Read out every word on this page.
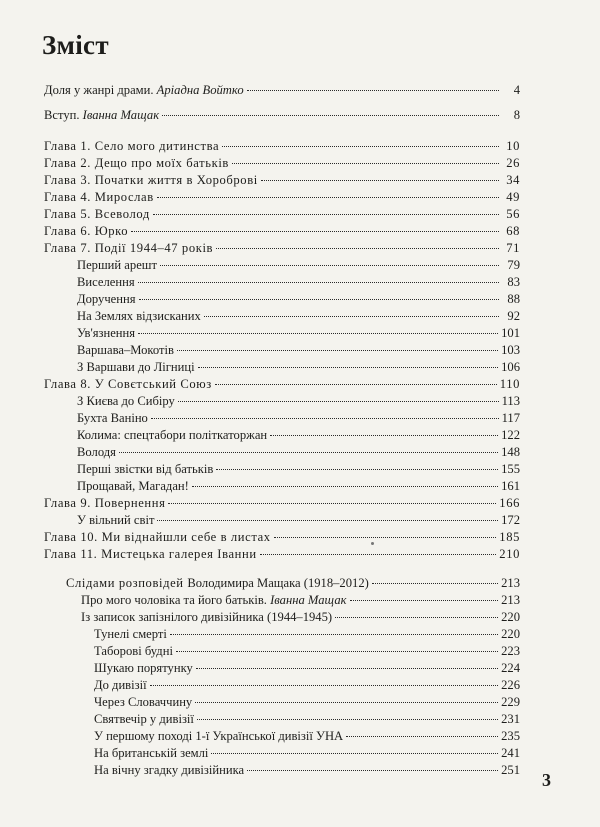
Зміст
Доля у жанрі драми. Аріадна Войтко	4
Вступ. Іванна Мащак	8
Глава 1. Село мого дитинства	10
Глава 2. Дещо про моїх батьків	26
Глава 3. Початки життя в Хороброві	34
Глава 4. Мирослав	49
Глава 5. Всеволод	56
Глава 6. Юрко	68
Глава 7. Події 1944–47 років	71
Перший арешт	79
Виселення	83
Доручення	88
На Землях відзисканих	92
Ув'язнення	101
Варшава–Мокотів	103
З Варшави до Лігниці	106
Глава 8. У Совєтський Союз	110
З Києва до Сибіру	113
Бухта Ваніно	117
Колима: спецтабори політкаторжан	122
Володя	148
Перші звістки від батьків	155
Прощавай, Магадан!	161
Глава 9. Повернення	166
У вільний світ	172
Глава 10. Ми віднайшли себе в листах	185
Глава 11. Мистецька галерея Іванни	210
Слідами розповідей Володимира Мащака (1918–2012)	213
Про мого чоловіка та його батьків. Іванна Мащак	213
Із записок запізнілого дивізійника (1944–1945)	220
Тунелі смерті	220
Таборові будні	223
Шукаю порятунку	224
До дивізії	226
Через Словаччину	229
Святвечір у дивізії	231
У першому поході 1-ї Української дивізії УНА	235
На британській землі	241
На вічну згадку дивізійника	251 3
